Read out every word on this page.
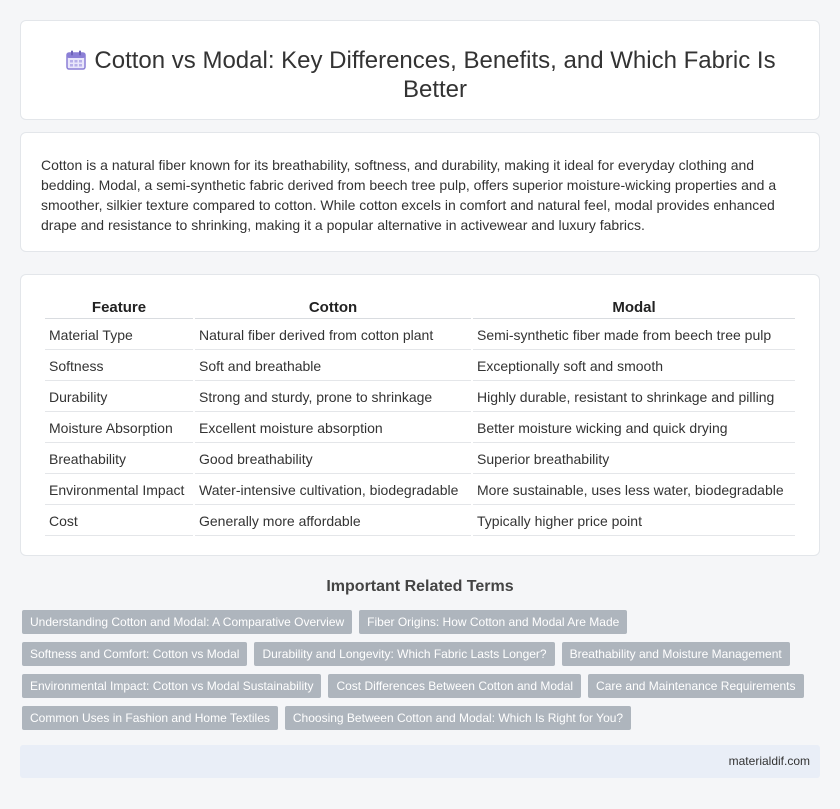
Cotton vs Modal: Key Differences, Benefits, and Which Fabric Is Better

Cotton is a natural fiber known for its breathability, softness, and durability, making it ideal for everyday clothing and bedding. Modal, a semi-synthetic fabric derived from beech tree pulp, offers superior moisture-wicking properties and a smoother, silkier texture compared to cotton. While cotton excels in comfort and natural feel, modal provides enhanced drape and resistance to shrinking, making it a popular alternative in activewear and luxury fabrics.

Feature	Cotton	Modal
Material Type	Natural fiber derived from cotton plant	Semi-synthetic fiber made from beech tree pulp
Softness	Soft and breathable	Exceptionally soft and smooth
Durability	Strong and sturdy, prone to shrinkage	Highly durable, resistant to shrinkage and pilling
Moisture Absorption	Excellent moisture absorption	Better moisture wicking and quick drying
Breathability	Good breathability	Superior breathability
Environmental Impact	Water-intensive cultivation, biodegradable	More sustainable, uses less water, biodegradable
Cost	Generally more affordable	Typically higher price point
Important Related Terms
Understanding Cotton and Modal: A Comparative Overview	Fiber Origins: How Cotton and Modal Are Made
Softness and Comfort: Cotton vs Modal	Durability and Longevity: Which Fabric Lasts Longer?	Breathability and Moisture Management
Environmental Impact: Cotton vs Modal Sustainability	Cost Differences Between Cotton and Modal	Care and Maintenance Requirements
Common Uses in Fashion and Home Textiles	Choosing Between Cotton and Modal: Which Is Right for You?
materialdif.com
